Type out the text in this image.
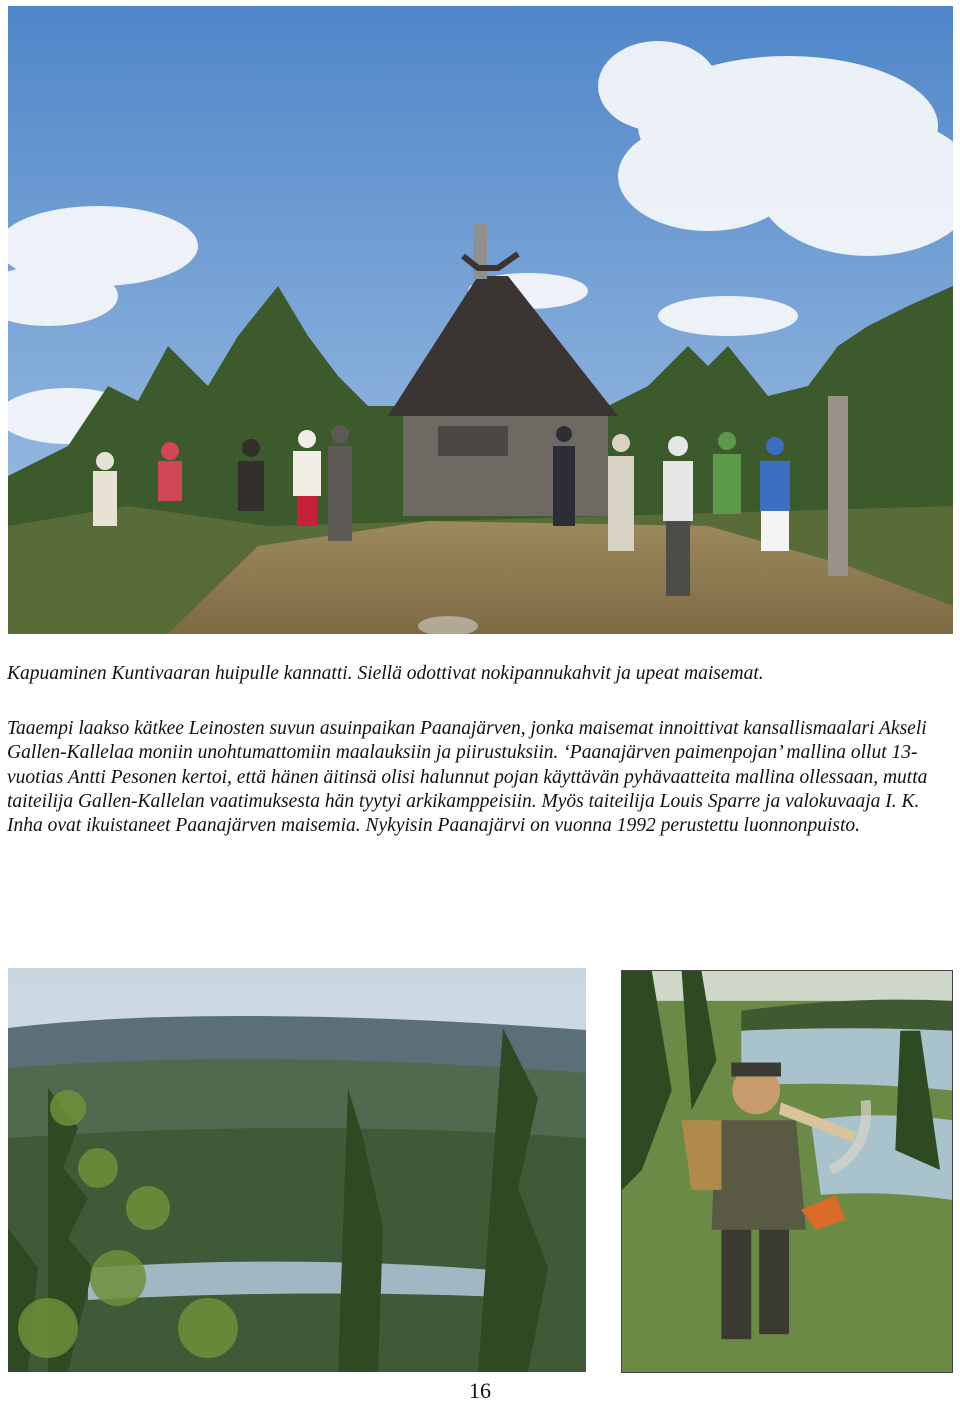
Kapuaminen Kuntivaaran huipulle kannatti. Siellä odottivat nokipannukahvit ja upeat maisemat.

Taaempi laakso kätkee Leinosten suvun asuinpaikan Paanajärven, jonka maisemat innoittivat kansallismaalari Akseli Gallen-Kallelaa moniin unohtumattomiin maalauksiin ja piirustuksiin. ‘Paanajärven paimenpojan’ mallina ollut 13-vuotias Antti Pesonen kertoi, että hänen äitinsä olisi halunnut pojan käyttävän pyhävaatteita mallina ollessaan, mutta taiteilija Gallen-Kallelan vaatimuksesta hän tyytyi arkikamppeisiin. Myös taiteilija Louis Sparre ja valokuvaaja I. K. Inha ovat ikuistaneet Paanajärven maisemia. Nykyisin Paanajärvi on vuonna 1992 perustettu luonnonpuisto.

16
